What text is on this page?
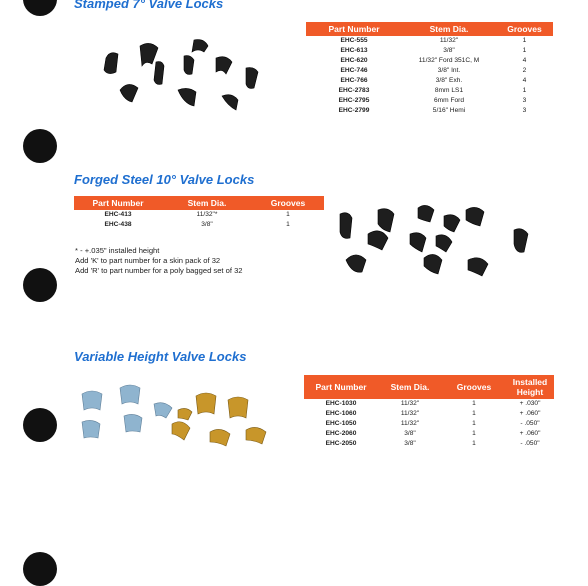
Stamped 7° Valve Locks
Part Number	Stem Dia.	Grooves
EHC-555	11/32"	1
EHC-613	3/8"	1
EHC-620	11/32" Ford 351C, M	4
EHC-746	3/8" Int.	2
EHC-766	3/8" Exh.	4
EHC-2783	8mm LS1	1
EHC-2795	6mm Ford	3
EHC-2799	5/16" Hemi	3
Forged Steel 10° Valve Locks
Part Number	Stem Dia.	Grooves
EHC-413	11/32"*	1
EHC-438	3/8"	1
* - +.035" installed height
Add 'K' to part number for a skin pack of 32
Add 'R' to part number for a poly bagged set of 32
Variable Height Valve Locks
Part Number	Stem Dia.	Grooves	Installed Height
EHC-1030	11/32"	1	+ .030"
EHC-1060	11/32"	1	+ .060"
EHC-1050	11/32"	1	- .050"
EHC-2060	3/8"	1	+ .060"
EHC-2050	3/8"	1	- .050"
